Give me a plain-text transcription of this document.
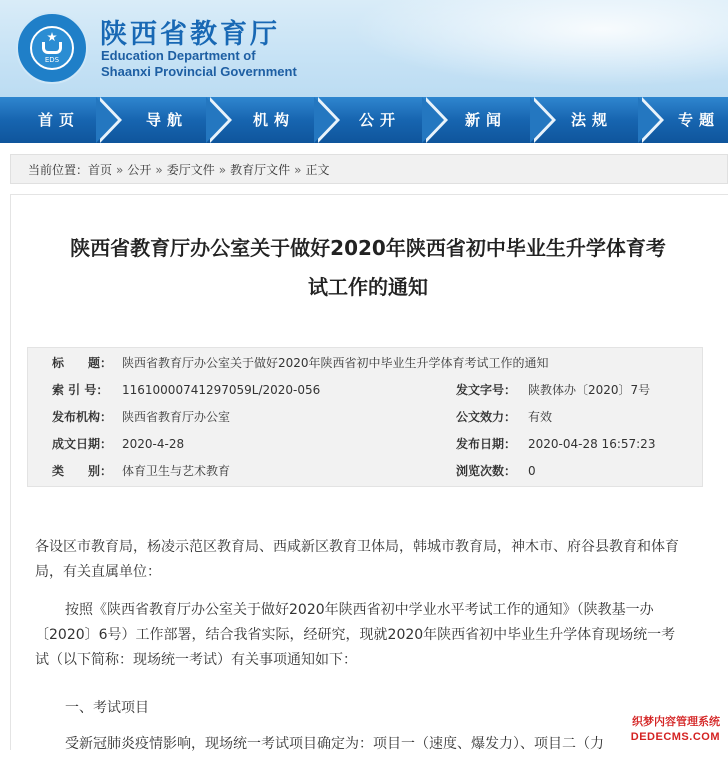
EDS
陕西省教育厅
Education Department of
Shaanxi Provincial Government
首页	导航	机构	公开	新闻	法规	专题
当前位置：首页 » 公开 » 委厅文件 » 教育厅文件 » 正文
陕西省教育厅办公室关于做好2020年陕西省初中毕业生升学体育考
试工作的通知
标　　题： 陕西省教育厅办公室关于做好2020年陕西省初中毕业生升学体育考试工作的通知
索 引 号： 11610000741297059L/2020-056	发文字号： 陕教体办〔2020〕7号
发布机构： 陕西省教育厅办公室	公文效力： 有效
成文日期： 2020-4-28	发布日期： 2020-04-28 16:57:23
类　　别： 体育卫生与艺术教育	浏览次数： 0

各设区市教育局，杨凌示范区教育局、西咸新区教育卫体局，韩城市教育局，神木市、府谷县教育和体育局，有关直属单位：

按照《陕西省教育厅办公室关于做好2020年陕西省初中学业水平考试工作的通知》（陕教基一办〔2020〕6号）工作部署，结合我省实际，经研究，现就2020年陕西省初中毕业生升学体育现场统一考试（以下简称：现场统一考试）有关事项通知如下：

一、考试项目

受新冠肺炎疫情影响，现场统一考试项目确定为：项目一（速度、爆发力）、项目二（力

织梦内容管理系统
DEDECMS.COM
